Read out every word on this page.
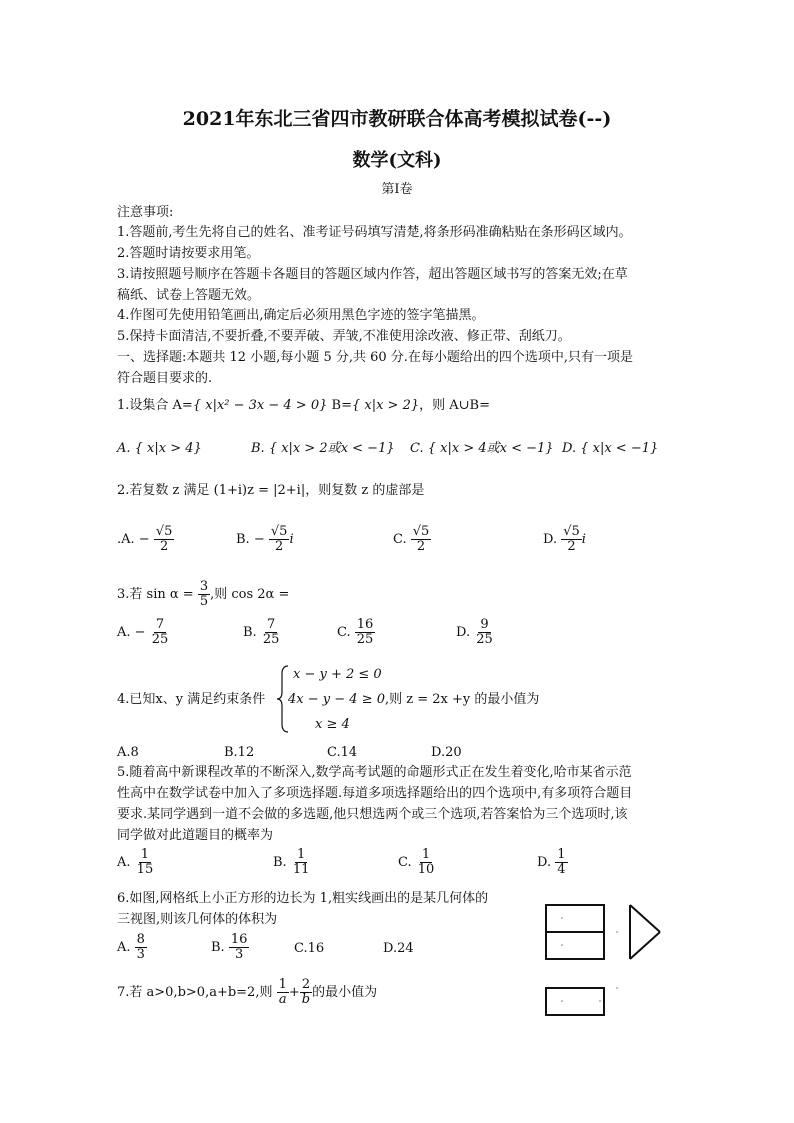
2021年东北三省四市教研联合体高考模拟试卷(--)
数学(文科)
第Ⅰ卷
注意事项:
1.答题前,考生先将自己的姓名、准考证号码填写清楚,将条形码准确粘贴在条形码区域内。
2.答题时请按要求用笔。
3.请按照题号顺序在答题卡各题目的答题区域内作答，超出答题区域书写的答案无效;在草
稿纸、试卷上答题无效。
4.作图可先使用铅笔画出,确定后必须用黑色字迹的签字笔描黑。
5.保持卡面清洁,不要折叠,不要弄破、弄皱,不准使用涂改液、修正带、刮纸刀。
一、选择题:本题共 12 小题,每小题 5 分,共 60 分.在每小题给出的四个选项中,只有一项是
符合题目要求的.
1.设集合 A={ x|x² − 3x − 4 > 0} B={ x|x > 2}，则 A∪B=
A. { x|x > 4}	B. { x|x > 2或x < −1} C. { x|x > 4或x < −1} D. { x|x < −1}
2.若复数 z 满足 (1+i)z = |2+i|，则复数 z 的虚部是
.A. − $\frac{√5}{2}$	B. − $\frac{√5}{2}$ i	C. $\frac{√5}{2}$	D. $\frac{√5}{2}$ i
3.若 $\sin \alpha = \frac{3}{5}$ ,则 cos 2α =
A. − $\frac{7}{25}$	B. $\frac{7}{25}$	C. $\frac{16}{25}$	D. $\frac{9}{25}$
4.已知x、y 满足约束条件
x − y + 2 ≤ 0
4x − y − 4 ≥ 0,则 z = 2x +y 的最小值为
x ≥ 4
A.8	B.12	C.14	D.20
5.随着高中新课程改革的不断深入,数学高考试题的命题形式正在发生着变化,哈市某省示范
性高中在数学试卷中加入了多项选择题.每道多项选择题给出的四个选项中,有多项符合题目
要求.某同学遇到一道不会做的多选题,他只想选两个或三个选项,若答案恰为三个选项时,该
同学做对此道题目的概率为
A. $\frac{1}{15}$	B. $\frac{1}{11}$	C. $\frac{1}{10}$	D. $\frac{1}{4}$
6.如图,网格纸上小正方形的边长为 1,粗实线画出的是某几何体的
三视图,则该几何体的体积为
A. $\frac{8}{3}$	B. $\frac{16}{3}$	C.16	D.24
7.若 a>0,b>0,a+b=2,则 $\frac{1}{a} + \frac{2}{b}$ 的最小值为
